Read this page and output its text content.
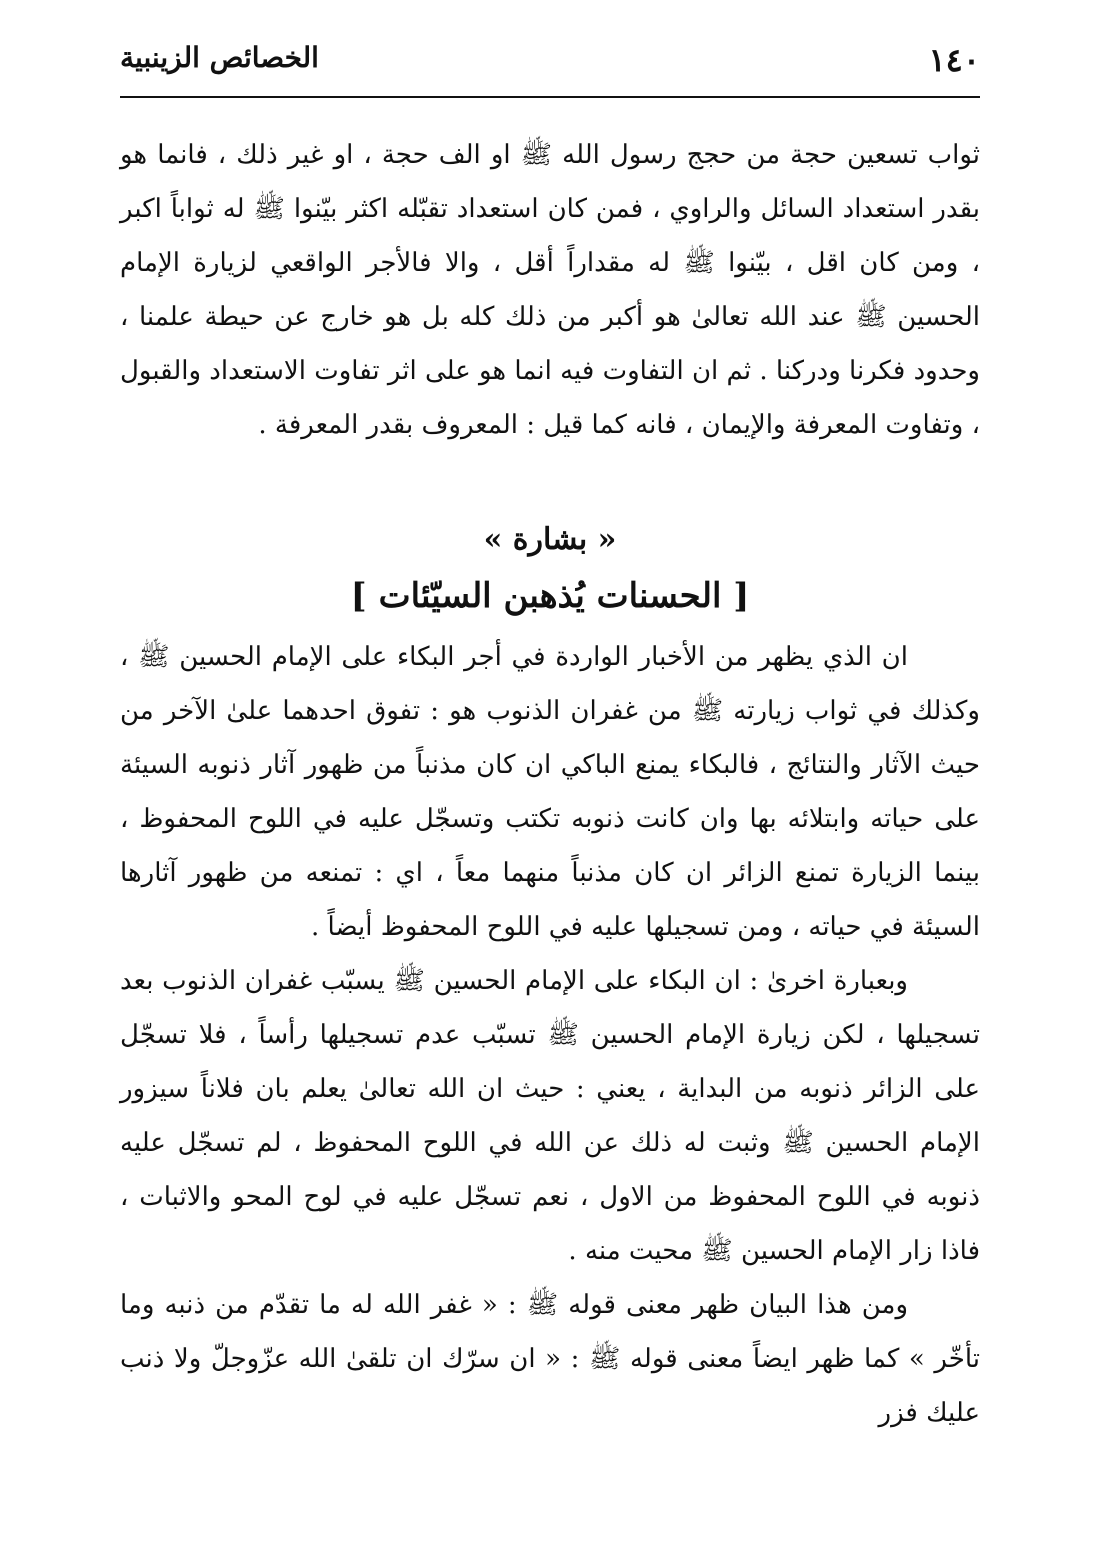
١٤٠
الخصائص الزينبية

ثواب تسعين حجة من حجج رسول الله ﷺ او الف حجة ، او غير ذلك ، فانما هو بقدر استعداد السائل والراوي ، فمن كان استعداد تقبّله اكثر بيّنوا ﷺ له ثواباً اكبر ، ومن كان اقل ، بيّنوا ﷺ له مقداراً أقل ، والا فالأجر الواقعي لزيارة الإمام الحسين ﷺ عند الله تعالىٰ هو أكبر من ذلك كله بل هو خارج عن حيطة علمنا ، وحدود فكرنا ودركنا . ثم ان التفاوت فيه انما هو على اثر تفاوت الاستعداد والقبول ، وتفاوت المعرفة والإيمان ، فانه كما قيل : المعروف بقدر المعرفة .

« بشارة »
[ الحسنات يُذهبن السيّئات ]

ان الذي يظهر من الأخبار الواردة في أجر البكاء على الإمام الحسين ﷺ ، وكذلك في ثواب زيارته ﷺ من غفران الذنوب هو : تفوق احدهما علىٰ الآخر من حيث الآثار والنتائج ، فالبكاء يمنع الباكي ان كان مذنباً من ظهور آثار ذنوبه السيئة على حياته وابتلائه بها وان كانت ذنوبه تكتب وتسجّل عليه في اللوح المحفوظ ، بينما الزيارة تمنع الزائر ان كان مذنباً منهما معاً ، اي : تمنعه من ظهور آثارها السيئة في حياته ، ومن تسجيلها عليه في اللوح المحفوظ أيضاً .

وبعبارة اخرىٰ : ان البكاء على الإمام الحسين ﷺ يسبّب غفران الذنوب بعد تسجيلها ، لكن زيارة الإمام الحسين ﷺ تسبّب عدم تسجيلها رأساً ، فلا تسجّل على الزائر ذنوبه من البداية ، يعني : حيث ان الله تعالىٰ يعلم بان فلاناً سيزور الإمام الحسين ﷺ وثبت له ذلك عن الله في اللوح المحفوظ ، لم تسجّل عليه ذنوبه في اللوح المحفوظ من الاول ، نعم تسجّل عليه في لوح المحو والاثبات ، فاذا زار الإمام الحسين ﷺ محيت منه .

ومن هذا البيان ظهر معنى قوله ﷺ : « غفر الله له ما تقدّم من ذنبه وما تأخّر » كما ظهر ايضاً معنى قوله ﷺ : « ان سرّك ان تلقىٰ الله عزّوجلّ ولا ذنب عليك فزر
